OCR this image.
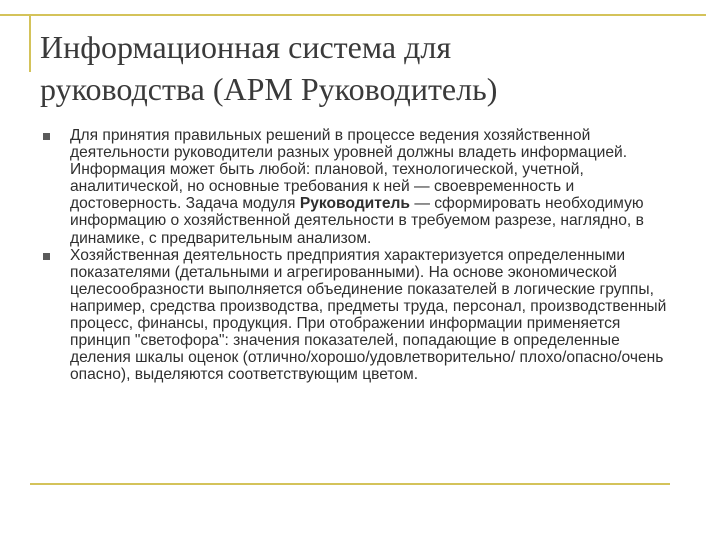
Информационная система для
руководства (АРМ Руководитель)
Для принятия правильных решений в процессе ведения хозяйственной деятельности руководители разных уровней должны владеть информацией. Информация может быть любой: плановой, технологической, учетной, аналитической, но основные требования к ней — своевременность и достоверность. Задача модуля Руководитель — сформировать необходимую информацию о хозяйственной деятельности в требуемом разрезе, наглядно, в динамике, с предварительным анализом.
Хозяйственная деятельность предприятия характеризуется определенными показателями (детальными и агрегированными). На основе экономической целесообразности выполняется объединение показателей в логические группы, например, средства производства, предметы труда, персонал, производственный процесс, финансы, продукция. При отображении информации применяется принцип "светофора": значения показателей, попадающие в определенные деления шкалы оценок (отлично/хорошо/удовлетворительно/ плохо/опасно/очень опасно), выделяются соответствующим цветом.
